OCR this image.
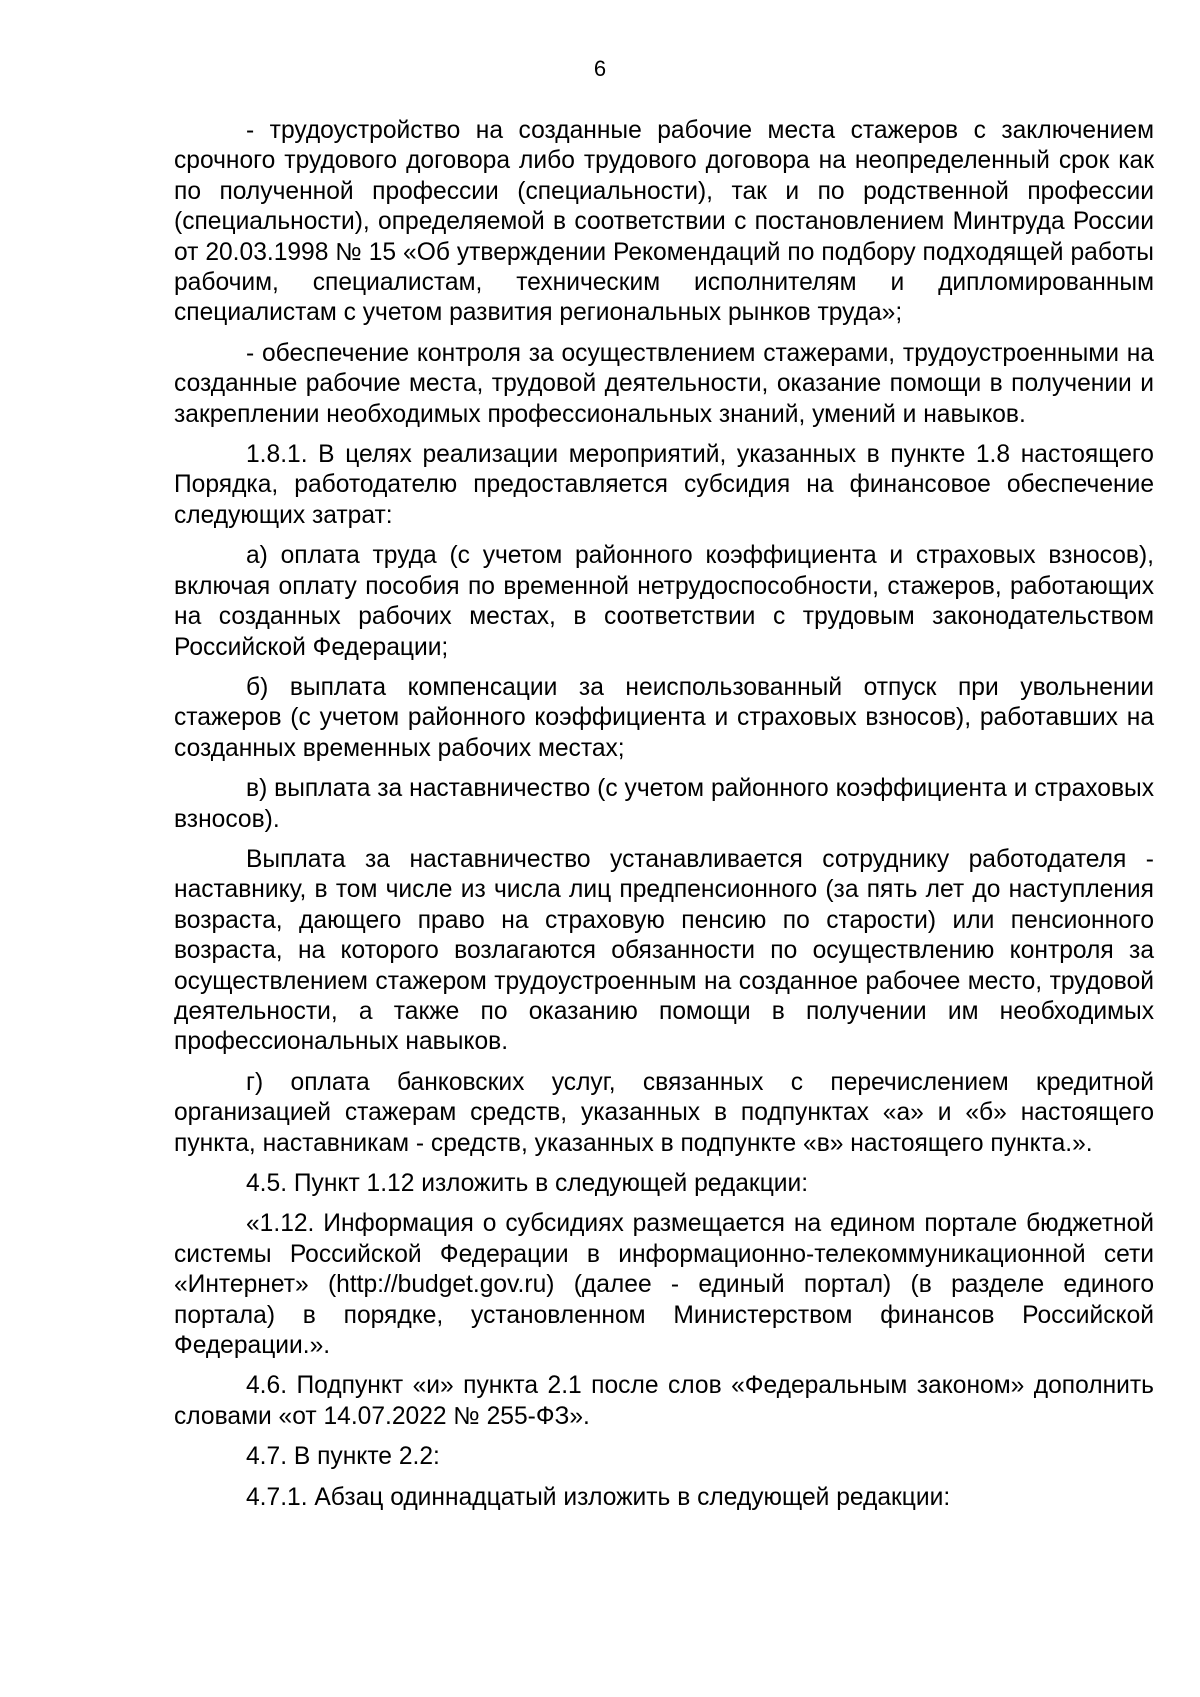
6

- трудоустройство на созданные рабочие места стажеров с заключением срочного трудового договора либо трудового договора на неопределенный срок как по полученной профессии (специальности), так и по родственной профессии (специальности), определяемой в соответствии с постановлением Минтруда России от 20.03.1998 № 15 «Об утверждении Рекомендаций по подбору подходящей работы рабочим, специалистам, техническим исполнителям и дипломированным специалистам с учетом развития региональных рынков труда»;

- обеспечение контроля за осуществлением стажерами, трудоустроенными на созданные рабочие места, трудовой деятельности, оказание помощи в получении и закреплении необходимых профессиональных знаний, умений и навыков.

1.8.1. В целях реализации мероприятий, указанных в пункте 1.8 настоящего Порядка, работодателю предоставляется субсидия на финансовое обеспечение следующих затрат:

а) оплата труда (с учетом районного коэффициента и страховых взносов), включая оплату пособия по временной нетрудоспособности, стажеров, работающих на созданных рабочих местах, в соответствии с трудовым законодательством Российской Федерации;

б) выплата компенсации за неиспользованный отпуск при увольнении стажеров (с учетом районного коэффициента и страховых взносов), работавших на созданных временных рабочих местах;

в) выплата за наставничество (с учетом районного коэффициента и страховых взносов).

Выплата за наставничество устанавливается сотруднику работодателя - наставнику, в том числе из числа лиц предпенсионного (за пять лет до наступления возраста, дающего право на страховую пенсию по старости) или пенсионного возраста, на которого возлагаются обязанности по осуществлению контроля за осуществлением стажером трудоустроенным на созданное рабочее место, трудовой деятельности, а также по оказанию помощи в получении им необходимых профессиональных навыков.

г) оплата банковских услуг, связанных с перечислением кредитной организацией стажерам средств, указанных в подпунктах «а» и «б» настоящего пункта, наставникам - средств, указанных в подпункте «в» настоящего пункта.».

4.5. Пункт 1.12 изложить в следующей редакции:

«1.12. Информация о субсидиях размещается на едином портале бюджетной системы Российской Федерации в информационно-телекоммуникационной сети «Интернет» (http://budget.gov.ru) (далее - единый портал) (в разделе единого портала) в порядке, установленном Министерством финансов Российской Федерации.».

4.6. Подпункт «и» пункта 2.1 после слов «Федеральным законом» дополнить словами «от 14.07.2022 № 255-ФЗ».

4.7. В пункте 2.2:

4.7.1. Абзац одиннадцатый изложить в следующей редакции:
